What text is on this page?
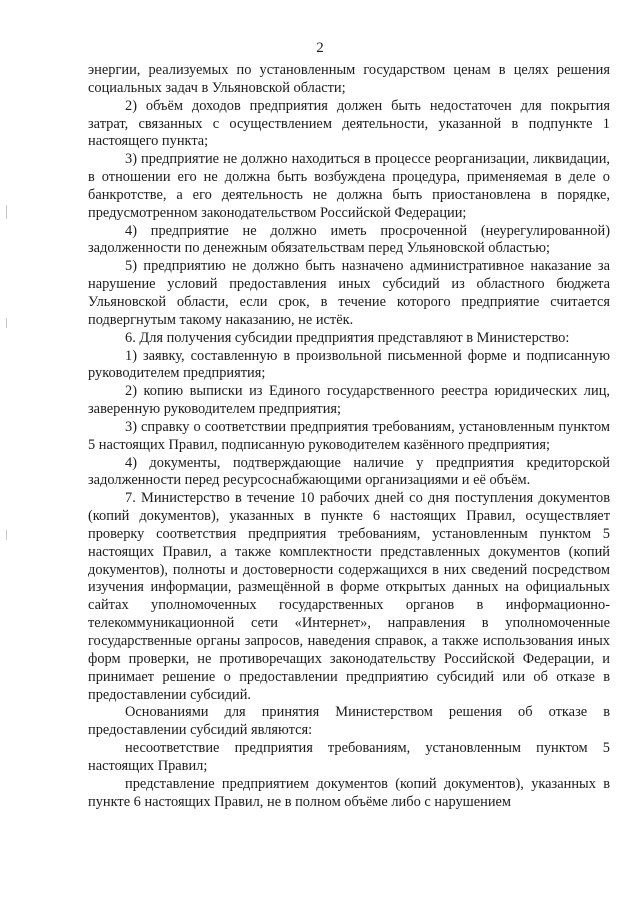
2

энергии, реализуемых по установленным государством ценам в целях решения социальных задач в Ульяновской области;

2) объём доходов предприятия должен быть недостаточен для покрытия затрат, связанных с осуществлением деятельности, указанной в подпункте 1 настоящего пункта;

3) предприятие не должно находиться в процессе реорганизации, ликвидации, в отношении его не должна быть возбуждена процедура, применяемая в деле о банкротстве, а его деятельность не должна быть приостановлена в порядке, предусмотренном законодательством Российской Федерации;

4) предприятие не должно иметь просроченной (неурегулированной) задолженности по денежным обязательствам перед Ульяновской областью;

5) предприятию не должно быть назначено административное наказание за нарушение условий предоставления иных субсидий из областного бюджета Ульяновской области, если срок, в течение которого предприятие считается подвергнутым такому наказанию, не истёк.

6. Для получения субсидии предприятия представляют в Министерство:

1) заявку, составленную в произвольной письменной форме и подписанную руководителем предприятия;

2) копию выписки из Единого государственного реестра юридических лиц, заверенную руководителем предприятия;

3) справку о соответствии предприятия требованиям, установленным пунктом 5 настоящих Правил, подписанную руководителем казённого предприятия;

4) документы, подтверждающие наличие у предприятия кредиторской задолженности перед ресурсоснабжающими организациями и её объём.

7. Министерство в течение 10 рабочих дней со дня поступления документов (копий документов), указанных в пункте 6 настоящих Правил, осуществляет проверку соответствия предприятия требованиям, установленным пунктом 5 настоящих Правил, а также комплектности представленных документов (копий документов), полноты и достоверности содержащихся в них сведений посредством изучения информации, размещённой в форме открытых данных на официальных сайтах уполномоченных государственных органов в информационно-телекоммуникационной сети «Интернет», направления в уполномоченные государственные органы запросов, наведения справок, а также использования иных форм проверки, не противоречащих законодательству Российской Федерации, и принимает решение о предоставлении предприятию субсидий или об отказе в предоставлении субсидий.

Основаниями для принятия Министерством решения об отказе в предоставлении субсидий являются:

несоответствие предприятия требованиям, установленным пунктом 5 настоящих Правил;

представление предприятием документов (копий документов), указанных в пункте 6 настоящих Правил, не в полном объёме либо с нарушением
